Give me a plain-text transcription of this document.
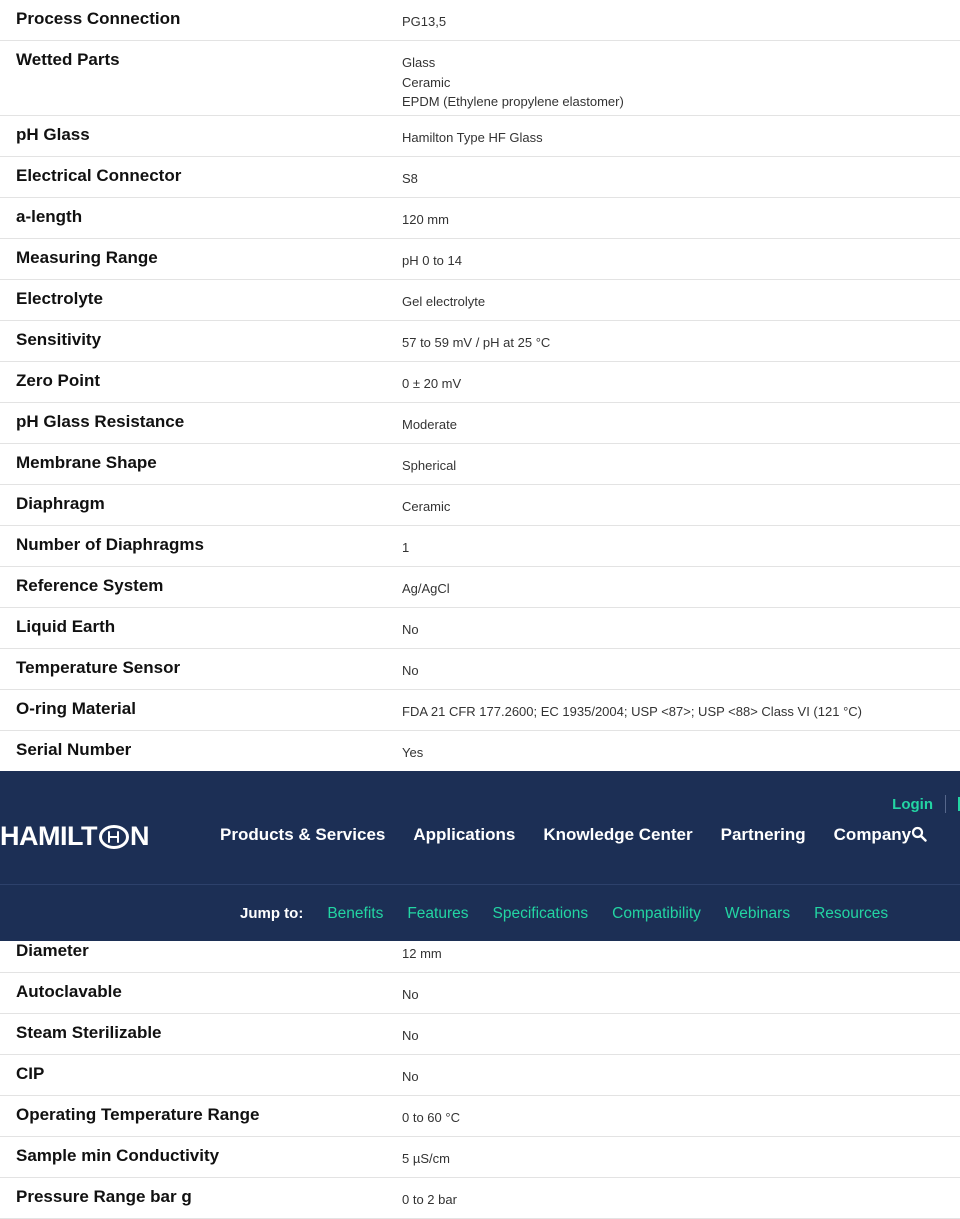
Process Connection	PG13,5
Wetted Parts	Glass
Ceramic
EPDM (Ethylene propylene elastomer)
pH Glass	Hamilton Type HF Glass
Electrical Connector	S8
a-length	120 mm
Measuring Range	pH 0 to 14
Electrolyte	Gel electrolyte
Sensitivity	57 to 59 mV / pH at 25 °C
Zero Point	0 ± 20 mV
pH Glass Resistance	Moderate
Membrane Shape	Spherical
Diaphragm	Ceramic
Number of Diaphragms	1
Reference System	Ag/AgCl
Liquid Earth	No
Temperature Sensor	No
O-ring Material	FDA 21 CFR 177.2600; EC 1935/2004; USP <87>; USP <88> Class VI (121 °C)
Serial Number	Yes
Login
HAMILT N	Products & Services Applications Knowledge Center Partnering Company
Jump to: Benefits Features Specifications Compatibility Webinars Resources
Diameter	12 mm
Autoclavable	No
Steam Sterilizable	No
CIP	No
Operating Temperature Range	0 to 60 °C
Sample min Conductivity	5 µS/cm
Pressure Range bar g	0 to 2 bar
